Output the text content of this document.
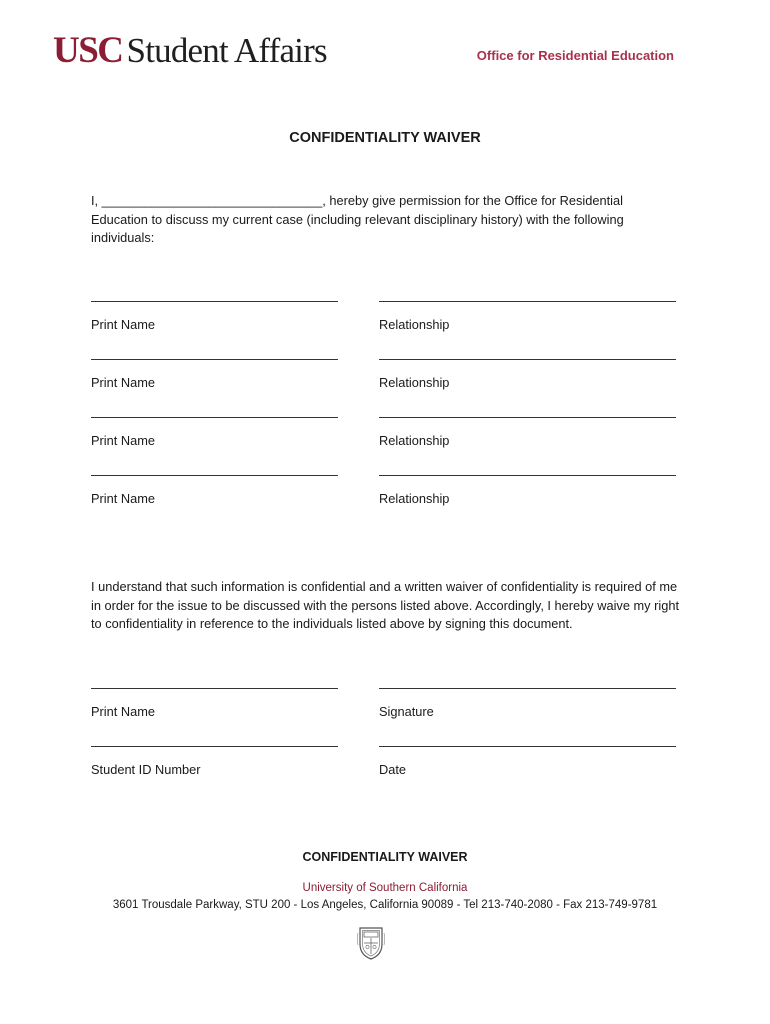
USC Student Affairs	Office for Residential Education
CONFIDENTIALITY WAIVER
I, _______________________________, hereby give permission for the Office for Residential Education to discuss my current case (including relevant disciplinary history) with the following individuals:
Print Name	Relationship
Print Name	Relationship
Print Name	Relationship
Print Name	Relationship
I understand that such information is confidential and a written waiver of confidentiality is required of me in order for the issue to be discussed with the persons listed above. Accordingly, I hereby waive my right to confidentiality in reference to the individuals listed above by signing this document.
Print Name	Signature
Student ID Number	Date
CONFIDENTIALITY WAIVER
University of Southern California
3601 Trousdale Parkway, STU 200 - Los Angeles, California 90089 - Tel 213-740-2080 - Fax 213-749-9781
